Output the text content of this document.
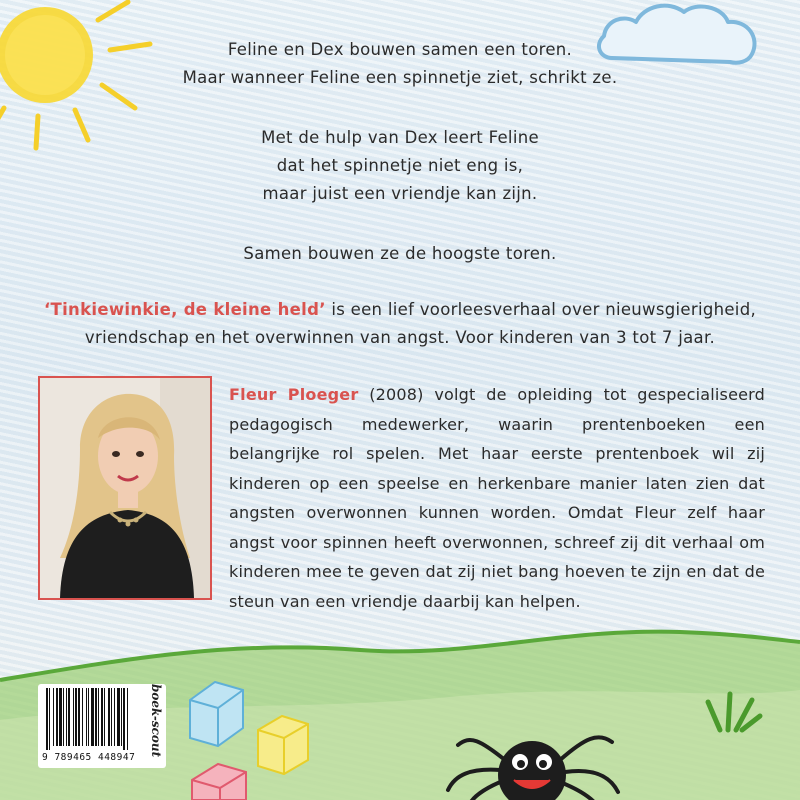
Feline en Dex bouwen samen een toren.
Maar wanneer Feline een spinnetje ziet, schrikt ze.
Met de hulp van Dex leert Feline
dat het spinnetje niet eng is,
maar juist een vriendje kan zijn.
Samen bouwen ze de hoogste toren.
‘Tinkiewinkie, de kleine held’ is een lief voorleesverhaal over nieuwsgierigheid,
vriendschap en het overwinnen van angst. Voor kinderen van 3 tot 7 jaar.
Fleur Ploeger (2008) volgt de opleiding tot gespecialiseerd pedagogisch medewerker, waarin prentenboeken een belangrijke rol spelen. Met haar eerste prentenboek wil zij kinderen op een speelse en herkenbare manier laten zien dat angsten overwonnen kunnen worden. Omdat Fleur zelf haar angst voor spinnen heeft overwonnen, schreef zij dit verhaal om kinderen mee te geven dat zij niet bang hoeven te zijn en dat de steun van een vriendje daarbij kan helpen.
9 789465 448947
boek-scout
